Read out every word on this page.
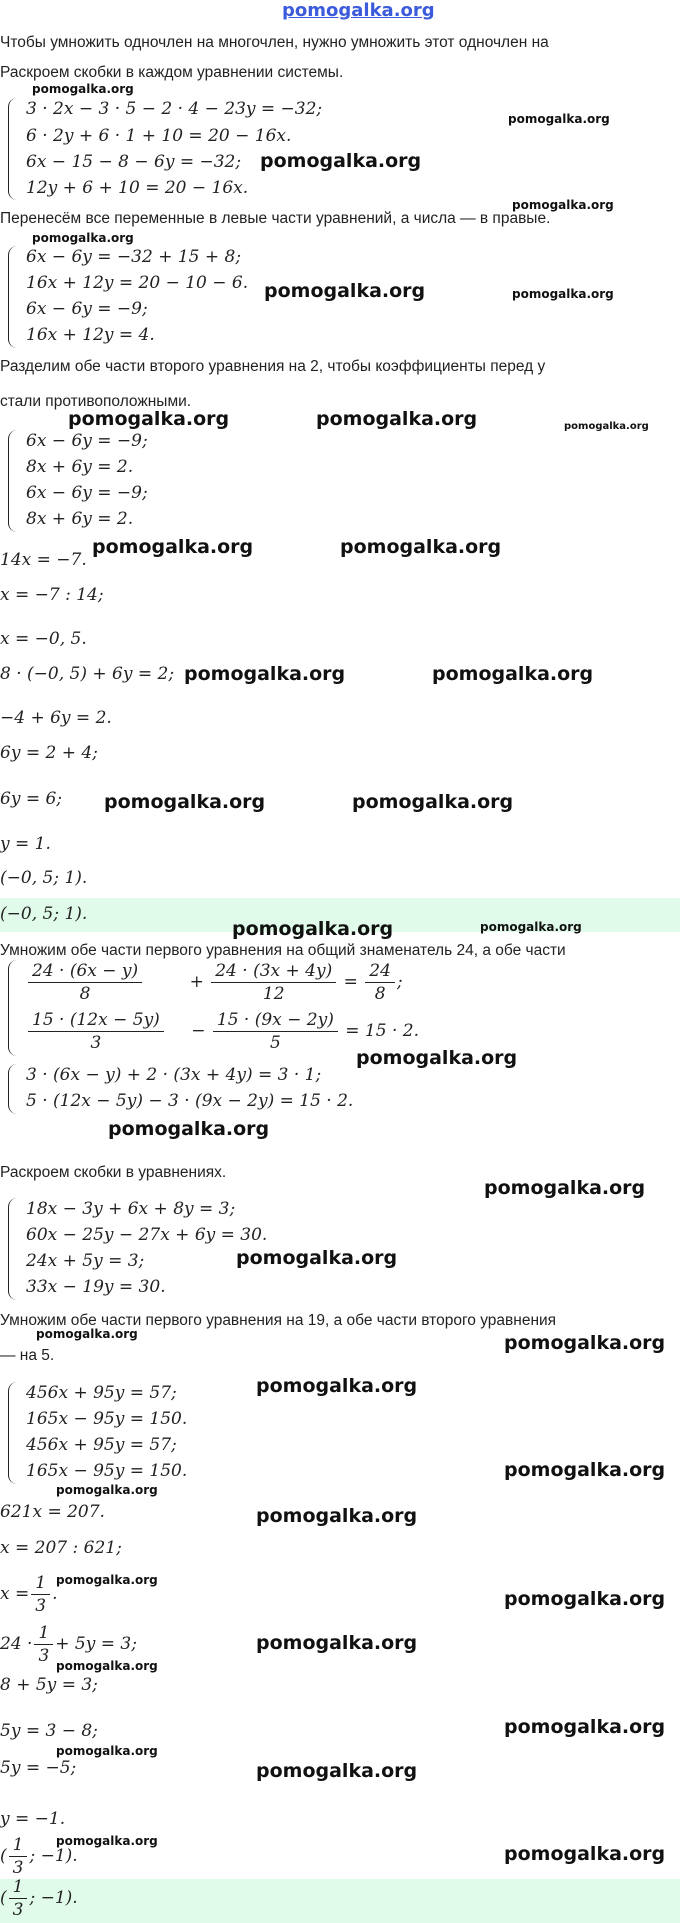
pomogalka.org
Чтобы умножить одночлен на многочлен, нужно умножить этот одночлен на
Раскроем скобки в каждом уравнении системы.
pomogalka.org
3 · 2x − 3 · 5 − 2 · 4 − 23y = −32;
6 · 2y + 6 · 1 + 10 = 20 − 16x.
6x − 15 − 8 − 6y = −32;
12y + 6 + 10 = 20 − 16x.
pomogalka.org
pomogalka.org
pomogalka.org
Перенесём все переменные в левые части уравнений, а числа — в правые.
pomogalka.org
6x − 6y = −32 + 15 + 8;
16x + 12y = 20 − 10 − 6.
6x − 6y = −9;
16x + 12y = 4.
pomogalka.org	pomogalka.org
Разделим обе части второго уравнения на 2, чтобы коэффициенты перед y
стали противоположными.
pomogalka.org	pomogalka.org	pomogalka.org
6x − 6y = −9;
8x + 6y = 2.
6x − 6y = −9;
8x + 6y = 2.
pomogalka.org	pomogalka.org
14x = −7.
x = −7 : 14;
x = −0, 5.
8 · (−0, 5) + 6y = 2; pomogalka.org	pomogalka.org
−4 + 6y = 2.
6y = 2 + 4;
6y = 6; pomogalka.org	pomogalka.org
y = 1.
(−0, 5; 1).
(−0, 5; 1).
pomogalka.org	pomogalka.org
Умножим обе части первого уравнения на общий знаменатель 24, а обе части
$\frac{24 \cdot (6x - y)}{8}$	+ $\frac{24 \cdot (3x + 4y)}{12} = \frac{24}{8}$ ;
$\frac{15 \cdot (12x - 5y)}{3} - \frac{15 \cdot (9x - 2y)}{5} = 15 \cdot 2$.
pomogalka.org
3 · (6x − y) + 2 · (3x + 4y) = 3 · 1;
5 · (12x − 5y) − 3 · (9x − 2y) = 15 · 2.
pomogalka.org
Раскроем скобки в уравнениях.
pomogalka.org
18x − 3y + 6x + 8y = 3;
60x − 25y − 27x + 6y = 30.
24x + 5y = 3;
33x − 19y = 30.
pomogalka.org
Умножим обе части первого уравнения на 19, а обе части второго уравнения
pomogalka.org
— на 5.
pomogalka.org
456x + 95y = 57;
165x − 95y = 150.
456x + 95y = 57;
165x − 95y = 150.
pomogalka.org
pomogalka.org
pomogalka.org
621x = 207.	pomogalka.org
x = 207 : 621;
$x = \frac{1}{3}$ .
pomogalka.org
pomogalka.org
$24 \cdot \frac{1}{3} + 5y = 3$;	pomogalka.org
pomogalka.org
8 + 5y = 3;
5y = 3 − 8;	pomogalka.org
pomogalka.org
5y = −5;	pomogalka.org
y = −1.
( $\frac{1}{3}$ ; −1).
pomogalka.org
pomogalka.org
( $\frac{1}{3}$ ; −1).
